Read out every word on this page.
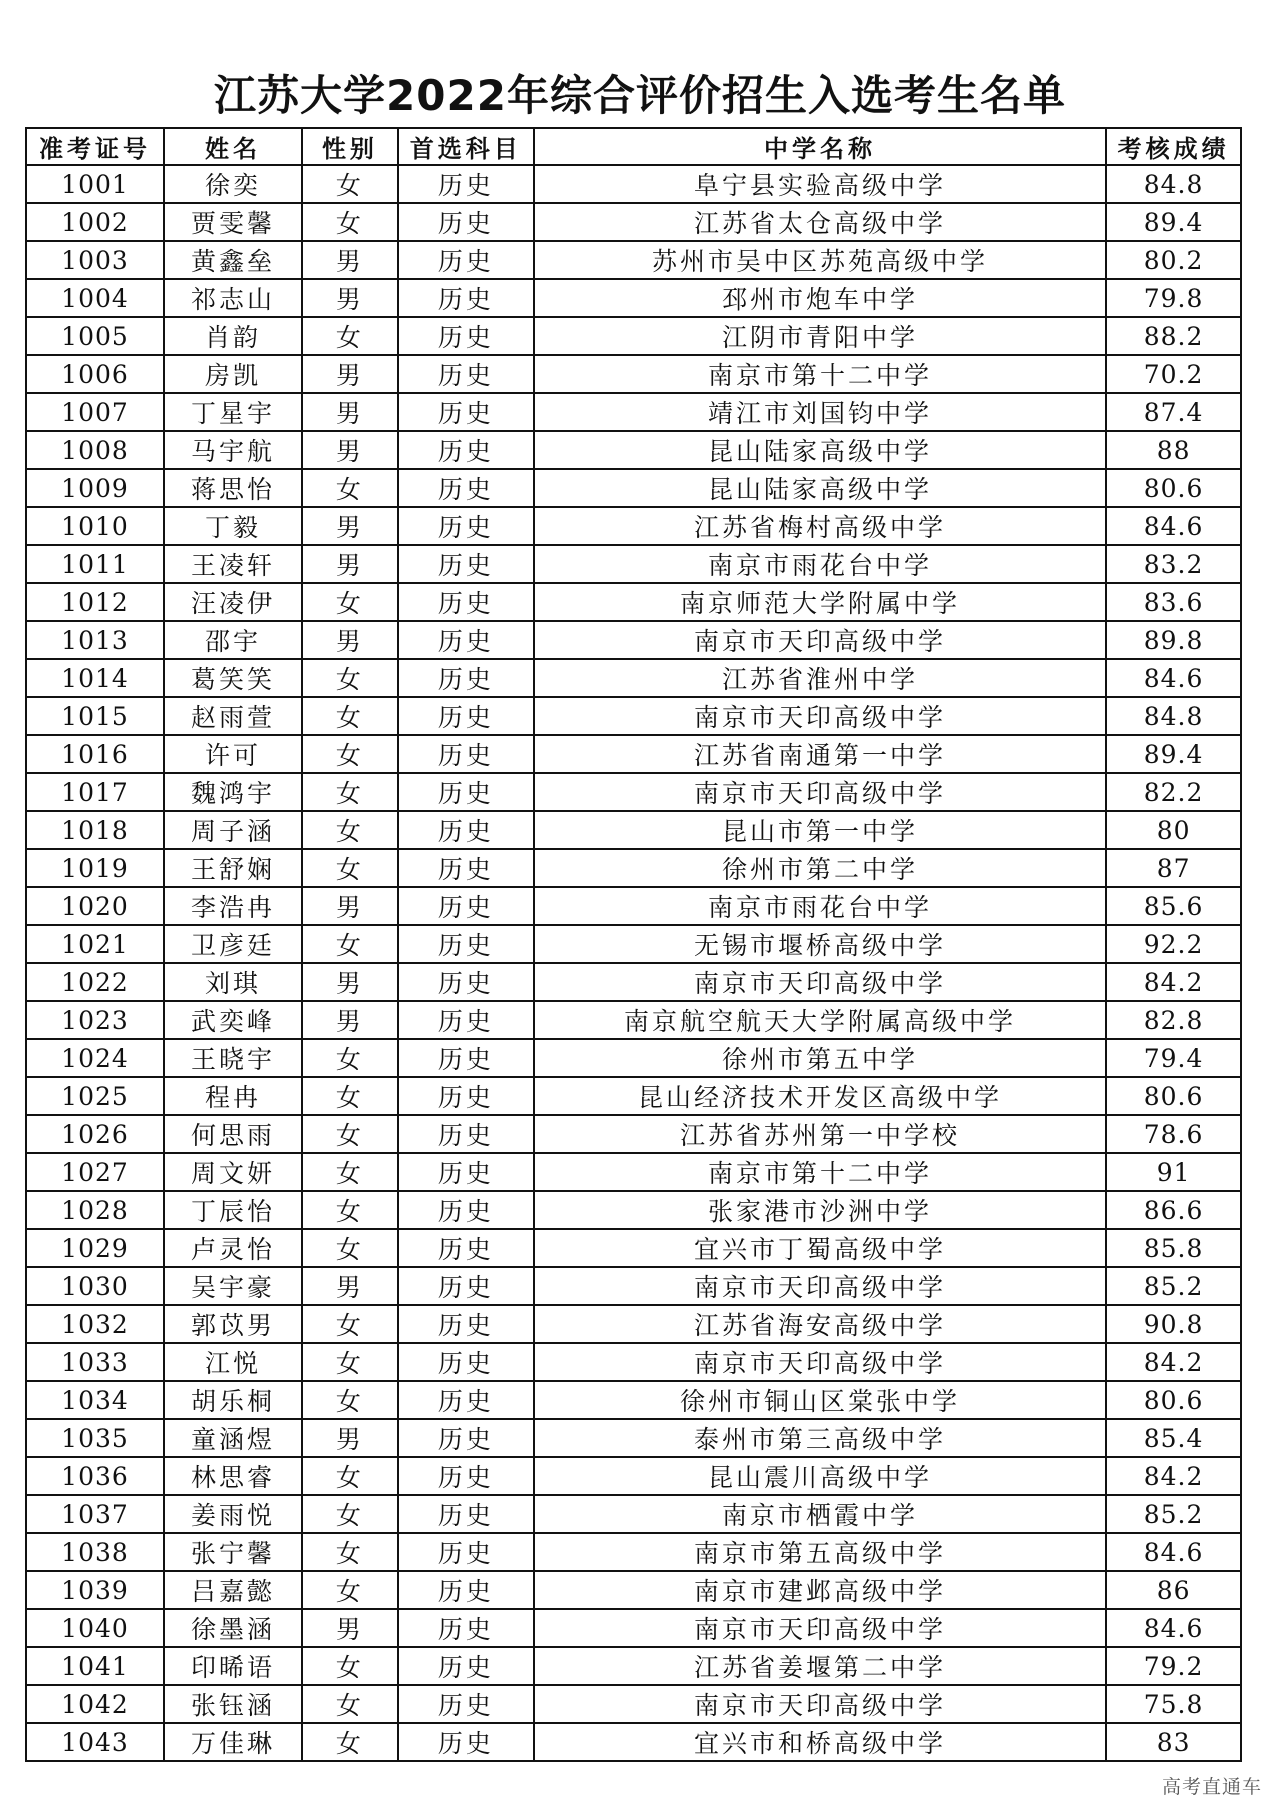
江苏大学2022年综合评价招生入选考生名单
准考证号	姓名	性别	首选科目	中学名称	考核成绩
1001	徐奕	女	历史	阜宁县实验高级中学	84.8
1002	贾雯馨	女	历史	江苏省太仓高级中学	89.4
1003	黄鑫垒	男	历史	苏州市吴中区苏苑高级中学	80.2
1004	祁志山	男	历史	邳州市炮车中学	79.8
1005	肖韵	女	历史	江阴市青阳中学	88.2
1006	房凯	男	历史	南京市第十二中学	70.2
1007	丁星宇	男	历史	靖江市刘国钧中学	87.4
1008	马宇航	男	历史	昆山陆家高级中学	88
1009	蒋思怡	女	历史	昆山陆家高级中学	80.6
1010	丁毅	男	历史	江苏省梅村高级中学	84.6
1011	王凌轩	男	历史	南京市雨花台中学	83.2
1012	汪凌伊	女	历史	南京师范大学附属中学	83.6
1013	邵宇	男	历史	南京市天印高级中学	89.8
1014	葛笑笑	女	历史	江苏省淮州中学	84.6
1015	赵雨萱	女	历史	南京市天印高级中学	84.8
1016	许可	女	历史	江苏省南通第一中学	89.4
1017	魏鸿宇	女	历史	南京市天印高级中学	82.2
1018	周子涵	女	历史	昆山市第一中学	80
1019	王舒娴	女	历史	徐州市第二中学	87
1020	李浩冉	男	历史	南京市雨花台中学	85.6
1021	卫彦廷	女	历史	无锡市堰桥高级中学	92.2
1022	刘琪	男	历史	南京市天印高级中学	84.2
1023	武奕峰	男	历史	南京航空航天大学附属高级中学	82.8
1024	王晓宇	女	历史	徐州市第五中学	79.4
1025	程冉	女	历史	昆山经济技术开发区高级中学	80.6
1026	何思雨	女	历史	江苏省苏州第一中学校	78.6
1027	周文妍	女	历史	南京市第十二中学	91
1028	丁辰怡	女	历史	张家港市沙洲中学	86.6
1029	卢灵怡	女	历史	宜兴市丁蜀高级中学	85.8
1030	吴宇豪	男	历史	南京市天印高级中学	85.2
1032	郭苡男	女	历史	江苏省海安高级中学	90.8
1033	江悦	女	历史	南京市天印高级中学	84.2
1034	胡乐桐	女	历史	徐州市铜山区棠张中学	80.6
1035	童涵煜	男	历史	泰州市第三高级中学	85.4
1036	林思睿	女	历史	昆山震川高级中学	84.2
1037	姜雨悦	女	历史	南京市栖霞中学	85.2
1038	张宁馨	女	历史	南京市第五高级中学	84.6
1039	吕嘉懿	女	历史	南京市建邺高级中学	86
1040	徐墨涵	男	历史	南京市天印高级中学	84.6
1041	印晞语	女	历史	江苏省姜堰第二中学	79.2
1042	张钰涵	女	历史	南京市天印高级中学	75.8
1043	万佳琳	女	历史	宜兴市和桥高级中学	83
高考直通车
